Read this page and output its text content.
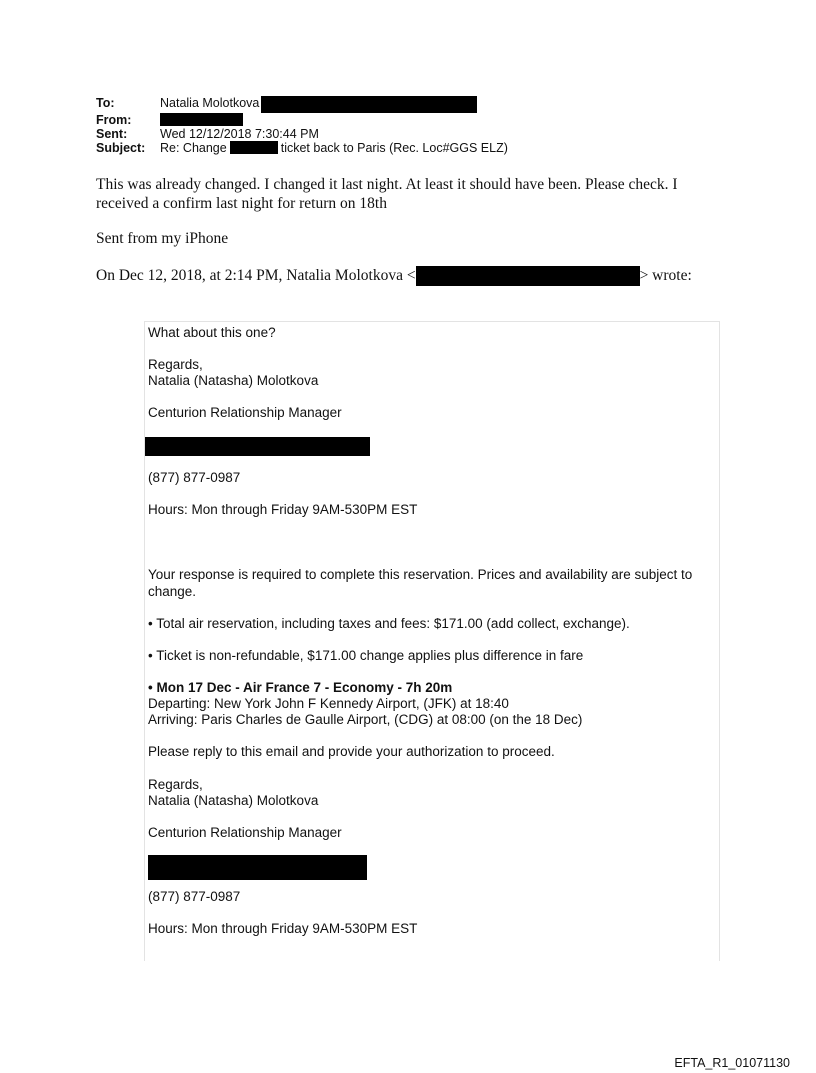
To:	Natalia Molotkova
From:
Sent:	Wed 12/12/2018 7:30:44 PM
Subject:	Re: Change	ticket back to Paris (Rec. Loc#GGS ELZ)
This was already changed. I changed it last night. At least it should have been. Please check. I received a confirm last night for return on 18th
Sent from my iPhone
On Dec 12, 2018, at 2:14 PM, Natalia Molotkova <	> wrote:
What about this one?
Regards,
Natalia (Natasha) Molotkova
Centurion Relationship Manager
(877) 877-0987
Hours: Mon through Friday 9AM-530PM EST
Your response is required to complete this reservation. Prices and availability are subject to change.
• Total air reservation, including taxes and fees: $171.00 (add collect, exchange).
• Ticket is non-refundable, $171.00 change applies plus difference in fare
• Mon 17 Dec - Air France 7 - Economy - 7h 20m
Departing: New York John F Kennedy Airport, (JFK) at 18:40
Arriving: Paris Charles de Gaulle Airport, (CDG) at 08:00 (on the 18 Dec)
Please reply to this email and provide your authorization to proceed.
Regards,
Natalia (Natasha) Molotkova
Centurion Relationship Manager
(877) 877-0987
Hours: Mon through Friday 9AM-530PM EST
EFTA_R1_01071130
